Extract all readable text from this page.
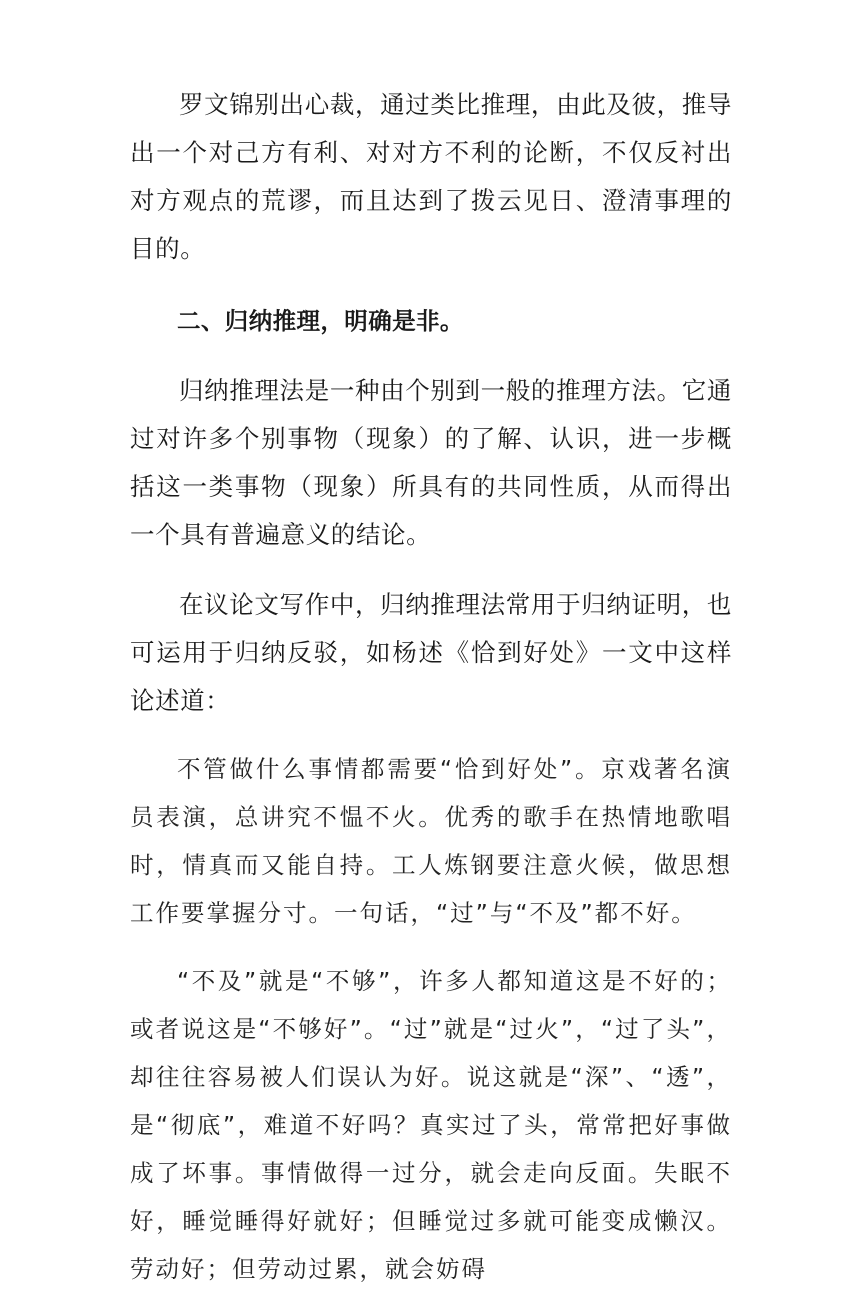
罗文锦别出心裁，通过类比推理，由此及彼，推导出一个对己方有利、对对方不利的论断，不仅反衬出对方观点的荒谬，而且达到了拨云见日、澄清事理的目的。

二、归纳推理，明确是非。

归纳推理法是一种由个别到一般的推理方法。它通过对许多个别事物（现象）的了解、认识，进一步概括这一类事物（现象）所具有的共同性质，从而得出一个具有普遍意义的结论。

在议论文写作中，归纳推理法常用于归纳证明，也可运用于归纳反驳，如杨述《恰到好处》一文中这样论述道：

不管做什么事情都需要“恰到好处”。京戏著名演员表演，总讲究不愠不火。优秀的歌手在热情地歌唱时，情真而又能自持。工人炼钢要注意火候，做思想工作要掌握分寸。一句话，“过”与“不及”都不好。

“不及”就是“不够”，许多人都知道这是不好的；或者说这是“不够好”。“过”就是“过火”，“过了头”，却往往容易被人们误认为好。说这就是“深”、“透”，是“彻底”，难道不好吗？真实过了头，常常把好事做成了坏事。事情做得一过分，就会走向反面。失眠不好，睡觉睡得好就好；但睡觉过多就可能变成懒汉。劳动好；但劳动过累，就会妨碍
